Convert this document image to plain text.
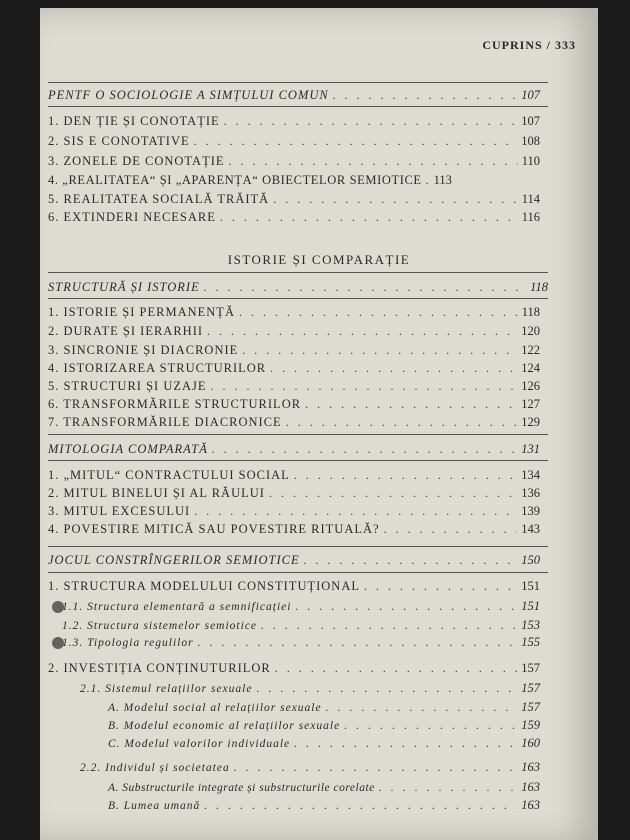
CUPRINS / 333
PENTF O SOCIOLOGIE A SIMȚULUI COMUN . . .	107
1. DEN ȚIE ȘI CONOTAȚIE . . .	107
2. SIS E CONOTATIVE . . .	108
3. ZONELE DE CONOTAȚIE . . .	110
4. „REALITATEA“ ȘI „APARENȚA“ OBIECTELOR SEMIOTICE . . . 113
5. REALITATEA SOCIALĂ TRĂITĂ . . .	114
6. EXTINDERI NECESARE . . .	116
ISTORIE ȘI COMPARAȚIE
STRUCTURĂ ȘI ISTORIE . . .	118
1. ISTORIE ȘI PERMANENȚĂ . . .	118
2. DURATE ȘI IERARHII . . .	120
3. SINCRONIE ȘI DIACRONIE . . .	122
4. ISTORIZAREA STRUCTURILOR . . .	124
5. STRUCTURI ȘI UZAJE . . .	126
6. TRANSFORMĂRILE STRUCTURILOR . . .	127
7. TRANSFORMĂRILE DIACRONICE . . .	129
MITOLOGIA COMPARATĂ . . .	131
1. „MITUL“ CONTRACTULUI SOCIAL . . .	134
2. MITUL BINELUI ȘI AL RĂULUI . . .	136
3. MITUL EXCESULUI . . .	139
4. POVESTIRE MITICĂ SAU POVESTIRE RITUALĂ? . . .	143
JOCUL CONSTRÎNGERILOR SEMIOTICE . . .	150
1. STRUCTURA MODELULUI CONSTITUȚIONAL . . .	151
1.1. Structura elementară a semnificației . . .	151
1.2. Structura sistemelor semiotice . . .	153
1.3. Tipologia regulilor . . .	155
2. INVESTIȚIA CONȚINUTURILOR . . .	157
2.1. Sistemul relațiilor sexuale . . .	157
A. Modelul social al relațiilor sexuale . . .	157
B. Modelul economic al relațiilor sexuale . . .	159
C. Modelul valorilor individuale . . .	160
2.2. Individul și societatea . . .	163
A. Substructurile integrate și substructurile corelate . . .	163
B. Lumea umană . . .	163
